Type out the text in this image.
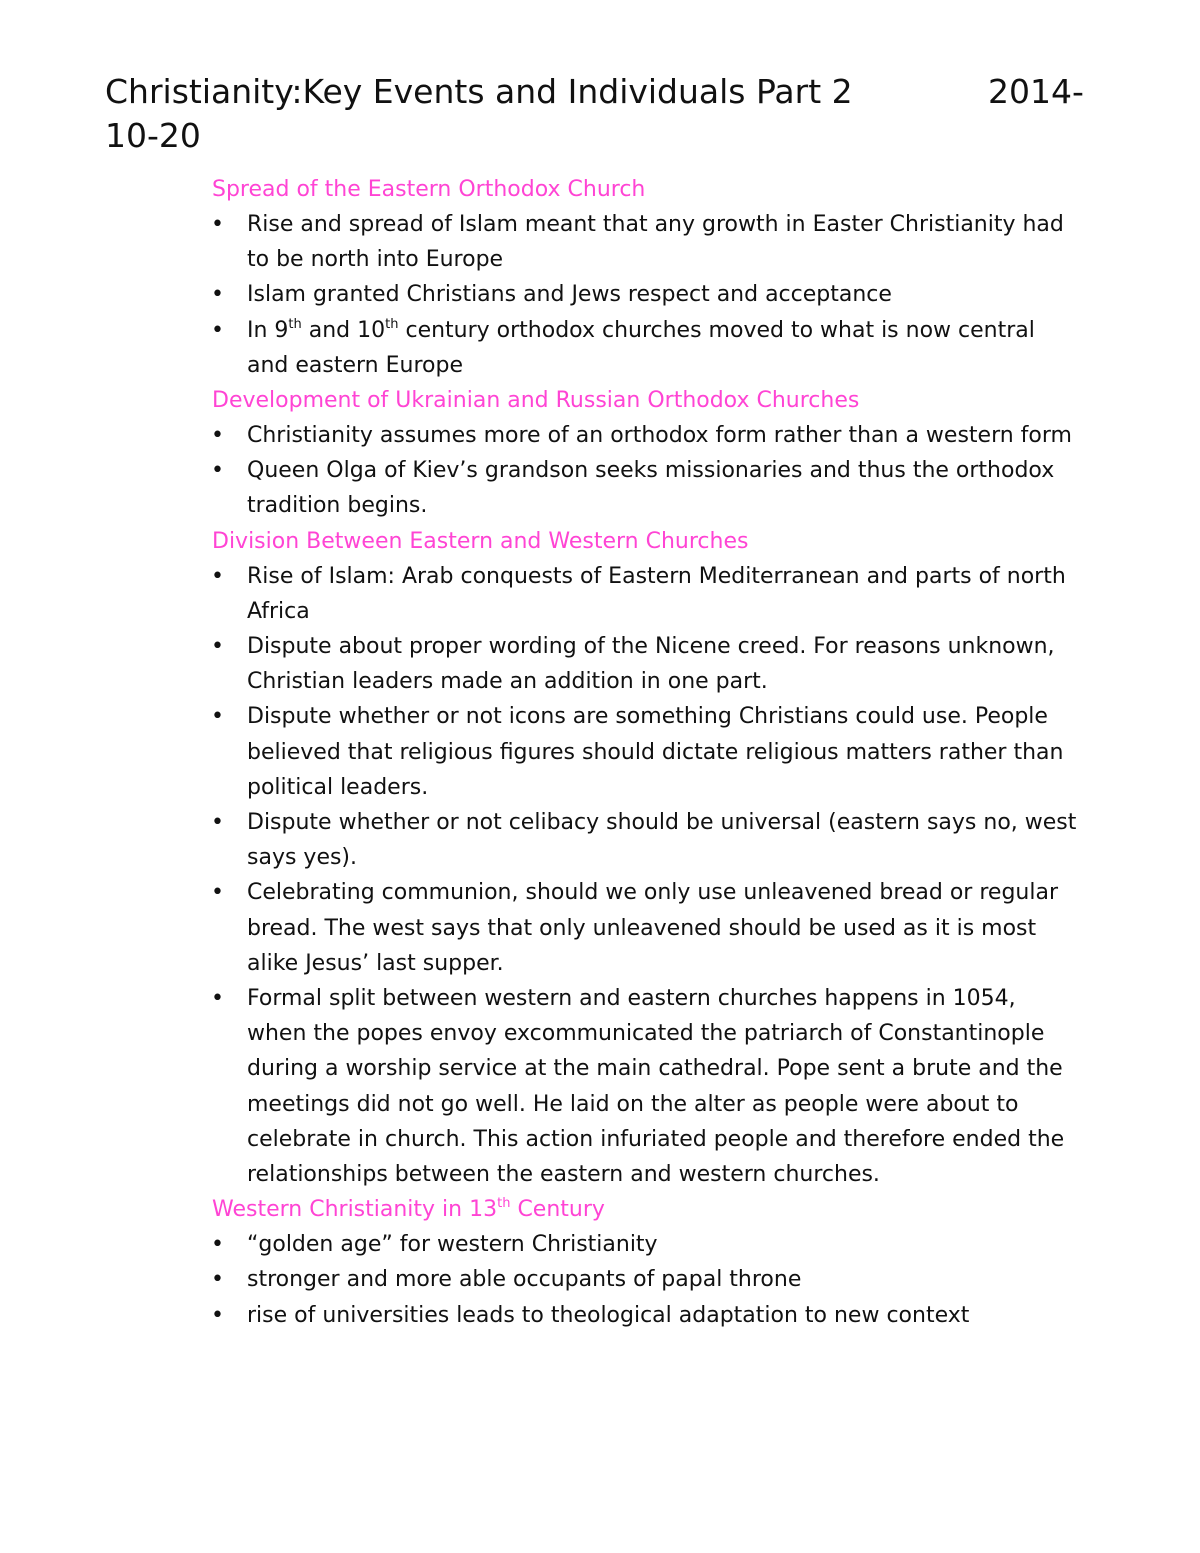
Christianity:Key Events and Individuals Part 2	2014-
10-20
Spread of the Eastern Orthodox Church
• Rise and spread of Islam meant that any growth in Easter Christianity had to be north into Europe
• Islam granted Christians and Jews respect and acceptance
• In 9th and 10th century orthodox churches moved to what is now central and eastern Europe
Development of Ukrainian and Russian Orthodox Churches
• Christianity assumes more of an orthodox form rather than a western form
• Queen Olga of Kiev’s grandson seeks missionaries and thus the orthodox tradition begins.
Division Between Eastern and Western Churches
• Rise of Islam: Arab conquests of Eastern Mediterranean and parts of north Africa
• Dispute about proper wording of the Nicene creed. For reasons unknown, Christian leaders made an addition in one part.
• Dispute whether or not icons are something Christians could use. People believed that religious figures should dictate religious matters rather than political leaders.
• Dispute whether or not celibacy should be universal (eastern says no, west says yes).
• Celebrating communion, should we only use unleavened bread or regular bread. The west says that only unleavened should be used as it is most alike Jesus’ last supper.
• Formal split between western and eastern churches happens in 1054, when the popes envoy excommunicated the patriarch of Constantinople during a worship service at the main cathedral. Pope sent a brute and the meetings did not go well. He laid on the alter as people were about to celebrate in church. This action infuriated people and therefore ended the relationships between the eastern and western churches.
Western Christianity in 13th Century
• “golden age” for western Christianity
• stronger and more able occupants of papal throne
• rise of universities leads to theological adaptation to new context
